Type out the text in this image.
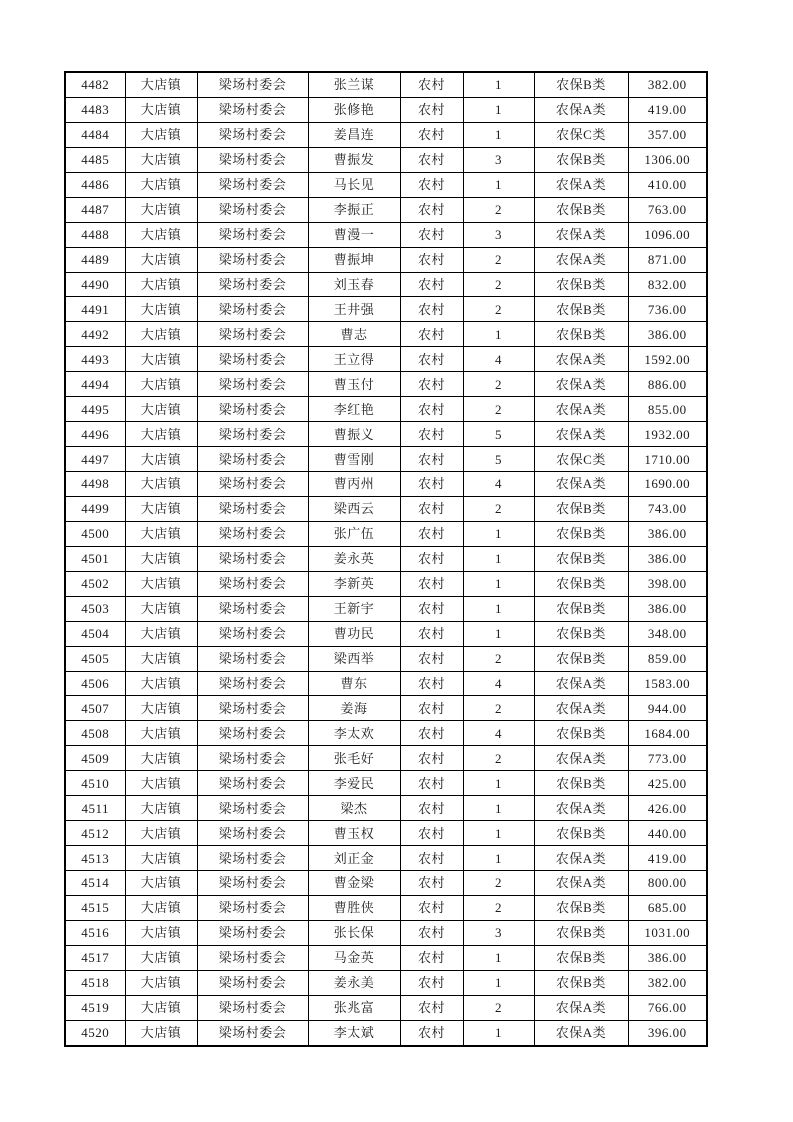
4482	大店镇	梁场村委会	张兰谋	农村	1	农保B类	382.00
4483	大店镇	梁场村委会	张修艳	农村	1	农保A类	419.00
4484	大店镇	梁场村委会	姜昌连	农村	1	农保C类	357.00
4485	大店镇	梁场村委会	曹振发	农村	3	农保B类	1306.00
4486	大店镇	梁场村委会	马长见	农村	1	农保A类	410.00
4487	大店镇	梁场村委会	李振正	农村	2	农保B类	763.00
4488	大店镇	梁场村委会	曹漫一	农村	3	农保A类	1096.00
4489	大店镇	梁场村委会	曹振坤	农村	2	农保A类	871.00
4490	大店镇	梁场村委会	刘玉春	农村	2	农保B类	832.00
4491	大店镇	梁场村委会	王井强	农村	2	农保B类	736.00
4492	大店镇	梁场村委会	曹志	农村	1	农保B类	386.00
4493	大店镇	梁场村委会	王立得	农村	4	农保A类	1592.00
4494	大店镇	梁场村委会	曹玉付	农村	2	农保A类	886.00
4495	大店镇	梁场村委会	李红艳	农村	2	农保A类	855.00
4496	大店镇	梁场村委会	曹振义	农村	5	农保A类	1932.00
4497	大店镇	梁场村委会	曹雪刚	农村	5	农保C类	1710.00
4498	大店镇	梁场村委会	曹丙州	农村	4	农保A类	1690.00
4499	大店镇	梁场村委会	梁西云	农村	2	农保B类	743.00
4500	大店镇	梁场村委会	张广伍	农村	1	农保B类	386.00
4501	大店镇	梁场村委会	姜永英	农村	1	农保B类	386.00
4502	大店镇	梁场村委会	李新英	农村	1	农保B类	398.00
4503	大店镇	梁场村委会	王新宇	农村	1	农保B类	386.00
4504	大店镇	梁场村委会	曹功民	农村	1	农保B类	348.00
4505	大店镇	梁场村委会	梁西举	农村	2	农保B类	859.00
4506	大店镇	梁场村委会	曹东	农村	4	农保A类	1583.00
4507	大店镇	梁场村委会	姜海	农村	2	农保A类	944.00
4508	大店镇	梁场村委会	李太欢	农村	4	农保B类	1684.00
4509	大店镇	梁场村委会	张毛好	农村	2	农保A类	773.00
4510	大店镇	梁场村委会	李爱民	农村	1	农保B类	425.00
4511	大店镇	梁场村委会	梁杰	农村	1	农保A类	426.00
4512	大店镇	梁场村委会	曹玉权	农村	1	农保B类	440.00
4513	大店镇	梁场村委会	刘正金	农村	1	农保A类	419.00
4514	大店镇	梁场村委会	曹金梁	农村	2	农保A类	800.00
4515	大店镇	梁场村委会	曹胜侠	农村	2	农保B类	685.00
4516	大店镇	梁场村委会	张长保	农村	3	农保B类	1031.00
4517	大店镇	梁场村委会	马金英	农村	1	农保B类	386.00
4518	大店镇	梁场村委会	姜永美	农村	1	农保B类	382.00
4519	大店镇	梁场村委会	张兆富	农村	2	农保A类	766.00
4520	大店镇	梁场村委会	李太斌	农村	1	农保A类	396.00
